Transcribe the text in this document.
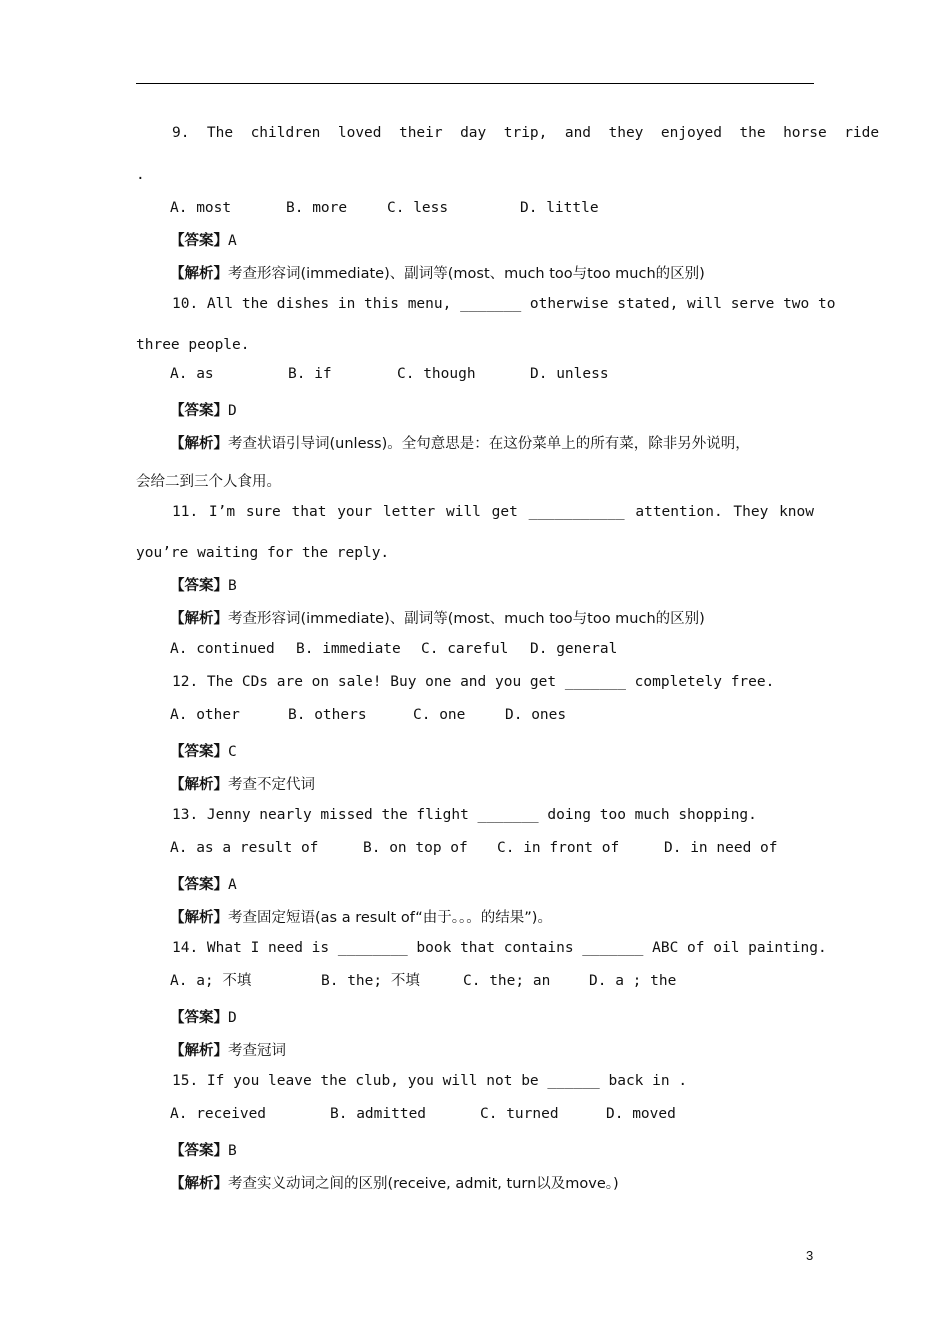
9.  The  children  loved  their  day  trip,  and  they  enjoyed  the  horse  ride
.
A. most	B. more	C. less	D. little
【答案】A
【解析】考查形容词(immediate)、副词等(most、much too与too much的区别)
10. All the dishes in this menu, _______ otherwise stated, will serve two to
three people.
A. as	B. if	C. though	D. unless
【答案】D
【解析】考查状语引导词(unless)。全句意思是：在这份菜单上的所有菜，除非另外说明，
会给二到三个人食用。
11. I’m sure that your letter will get ___________ attention. They know
you’re waiting for the reply.
【答案】B
【解析】考查形容词(immediate)、副词等(most、much too与too much的区别)
A. continued B. immediate C. careful D. general
12. The CDs are on sale! Buy one and you get _______ completely free.
A. other	B. others	C. one	D. ones
【答案】C
【解析】考查不定代词
13. Jenny nearly missed the flight _______ doing too much shopping.
A. as a result of	B. on top of C. in front of	D. in need of
【答案】A
【解析】考查固定短语(as a result of“由于。。。的结果”)。
14. What I need is ________ book that contains _______ ABC of oil painting.
A. a; 不填	B. the; 不填	C. the; an	D. a ; the
【答案】D
【解析】考查冠词
15. If you leave the club, you will not be ______ back in .
A. received	B. admitted	C. turned	D. moved
【答案】B
【解析】考查实义动词之间的区别(receive, admit, turn以及move。)
3
